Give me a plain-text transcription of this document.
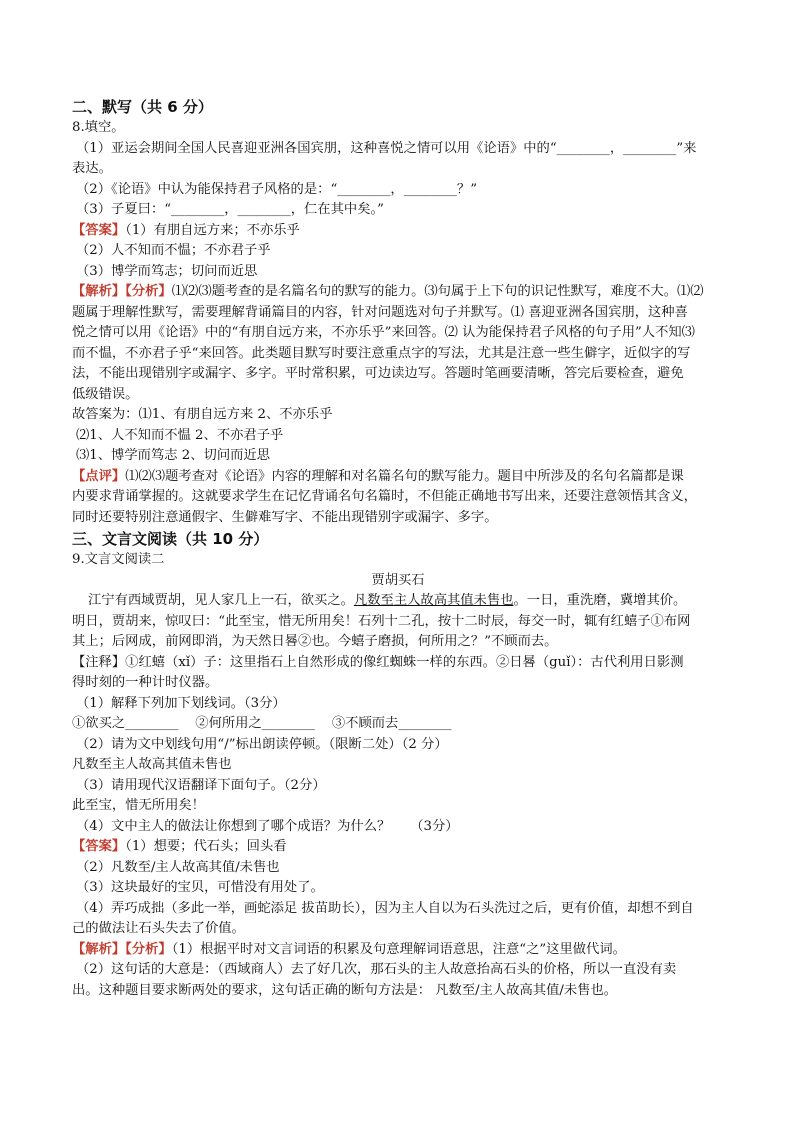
二、默写（共 6 分）
8.填空。
（1）亚运会期间全国人民喜迎亚洲各国宾朋，这种喜悦之情可以用《论语》中的“________，________”来
表达。
（2）《论语》中认为能保持君子风格的是：“________，________？”
（3）子夏曰：“________，________，仁在其中矣。”
【答案】（1）有朋自远方来；不亦乐乎
（2）人不知而不愠；不亦君子乎
（3）博学而笃志；切问而近思
【解析】【分析】⑴⑵⑶题考查的是名篇名句的默写的能力。⑶句属于上下句的识记性默写，难度不大。⑴⑵
题属于理解性默写，需要理解背诵篇目的内容，针对问题选对句子并默写。⑴ 喜迎亚洲各国宾朋，这种喜
悦之情可以用《论语》中的“有朋自远方来，不亦乐乎”来回答。⑵ 认为能保持君子风格的句子用”人不知⑶
而不愠，不亦君子乎“来回答。此类题目默写时要注意重点字的写法，尤其是注意一些生僻字，近似字的写
法，不能出现错别字或漏字、多字。平时常积累，可边读边写。答题时笔画要清晰，答完后要检查，避免
低级错误。
故答案为：⑴1、有朋自远方来 2、不亦乐乎
⑵1、人不知而不愠 2、不亦君子乎
⑶1、博学而笃志 2、切问而近思
【点评】⑴⑵⑶题考查对《论语》内容的理解和对名篇名句的默写能力。题目中所涉及的名句名篇都是课
内要求背诵掌握的。这就要求学生在记忆背诵名句名篇时，不但能正确地书写出来，还要注意领悟其含义，
同时还要特别注意通假字、生僻难写字、不能出现错别字或漏字、多字。
三、文言文阅读（共 10 分）
9.文言文阅读二
贾胡买石
江宁有西域贾胡，见人家几上一石，欲买之。凡数至主人故高其值未售也。一日，重洗磨，冀增其价。
明日，贾胡来，惊叹曰：“此至宝，惜无所用矣！石列十二孔，按十二时辰，每交一时，辄有红蟢子①布网
其上；后网成，前网即消，为天然日晷②也。今蟢子磨损，何所用之？”不顾而去。
【注释】①红蟢（xǐ）子：这里指石上自然形成的像红蜘蛛一样的东西。②日晷（guǐ）：古代利用日影测
得时刻的一种计时仪器。
（1）解释下列加下划线词。（3分）
①欲买之________    ②何所用之________    ③不顾而去________
（2）请为文中划线句用“/”标出朗读停顿。（限断二处）（2 分）
凡数至主人故高其值未售也
（3）请用现代汉语翻译下面句子。（2分）
此至宝，惜无所用矣！
（4）文中主人的做法让你想到了哪个成语？为什么？　　（3分）
【答案】（1）想要；代石头；回头看
（2）凡数至/主人故高其值/未售也
（3）这块最好的宝贝，可惜没有用处了。
（4）弄巧成拙（多此一举，画蛇添足 拔苗助长），因为主人自以为石头洗过之后，更有价值，却想不到自
己的做法让石头失去了价值。
【解析】【分析】（1）根据平时对文言词语的积累及句意理解词语意思，注意“之”这里做代词。
（2）这句话的大意是：（西域商人）去了好几次，那石头的主人故意抬高石头的价格，所以一直没有卖
出。这种题目要求断两处的要求，这句话正确的断句方法是： 凡数至/主人故高其值/未售也。
